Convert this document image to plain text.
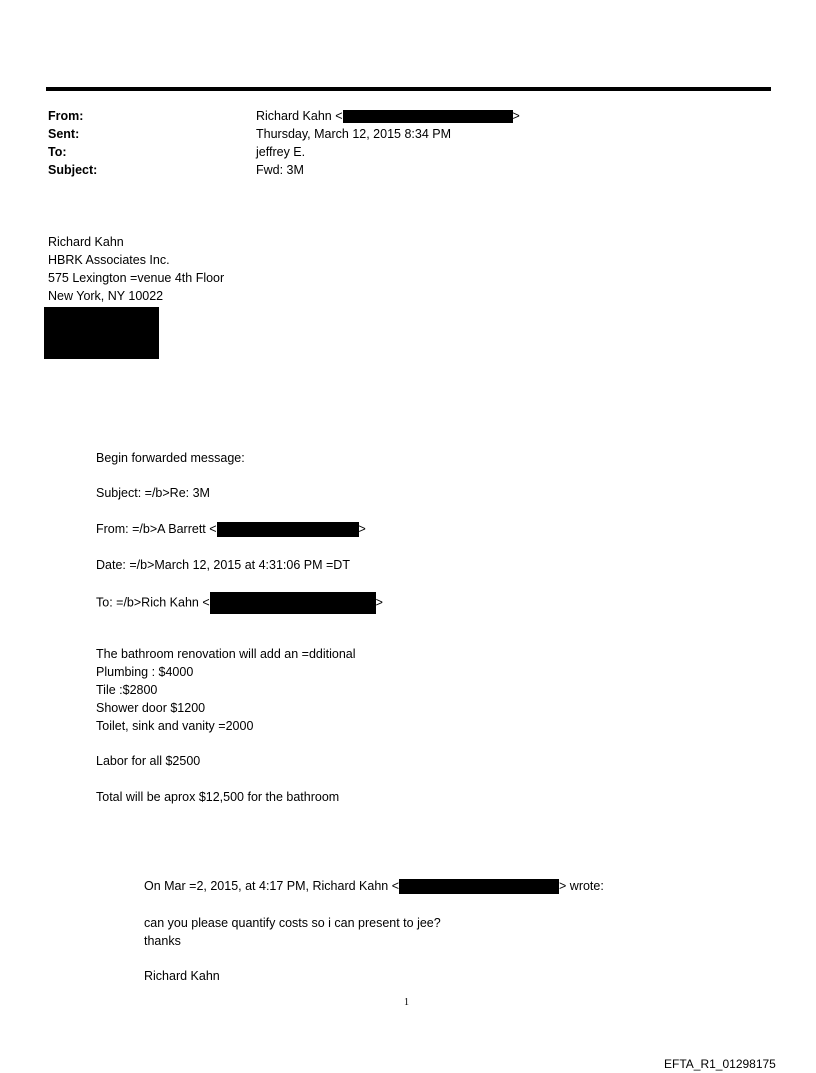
From:	Richard Kahn <	>
Sent:	Thursday, March 12, 2015 8:34 PM
To:	jeffrey E.
Subject:	Fwd: 3M
Richard Kahn
HBRK Associates Inc.
575 Lexington =venue 4th Floor
New York, NY 10022
Begin forwarded message:
Subject: =/b>Re: 3M
From: =/b>A Barrett <	>
Date: =/b>March 12, 2015 at 4:31:06 PM =DT
To: =/b>Rich Kahn <	>
The bathroom renovation will add an =dditional
Plumbing : $4000
Tile :$2800
Shower door $1200
Toilet, sink and vanity =2000
Labor for all $2500
Total will be aprox $12,500 for the bathroom
On Mar =2, 2015, at 4:17 PM, Richard Kahn <	> wrote:
can you please quantify costs so i can present to jee?
thanks
Richard Kahn
1
EFTA_R1_01298175
